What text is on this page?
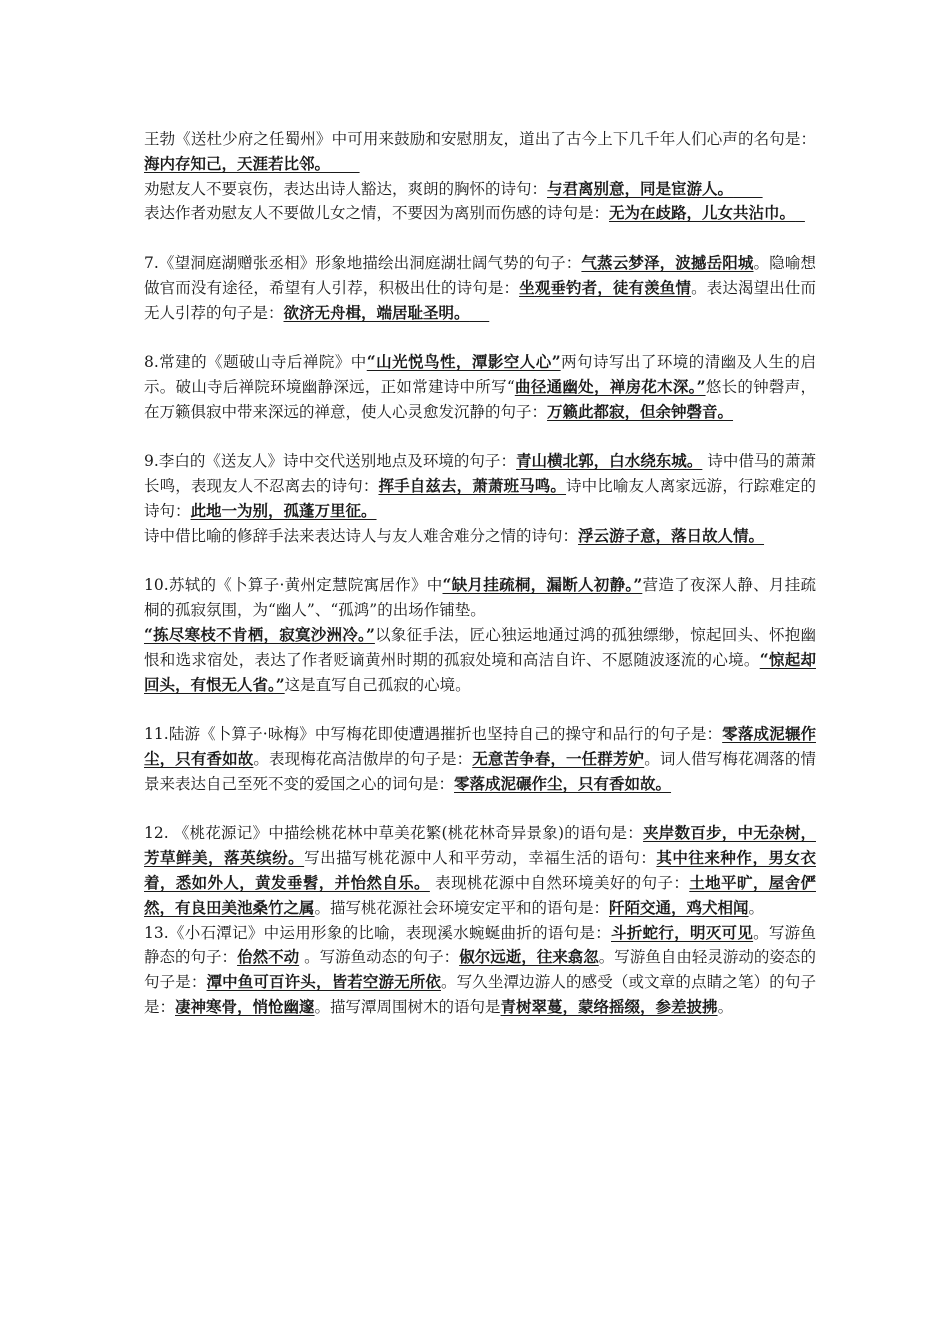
王勃《送杜少府之任蜀州》中可用来鼓励和安慰朋友，道出了古今上下几千年人们心声的名句是：海内存知己，天涯若比邻。

劝慰友人不要哀伤，表达出诗人豁达，爽朗的胸怀的诗句：与君离别意，同是宦游人。

表达作者劝慰友人不要做儿女之情，不要因为离别而伤感的诗句是：无为在歧路，儿女共沾巾。

7.《望洞庭湖赠张丞相》形象地描绘出洞庭湖壮阔气势的句子：气蒸云梦泽，波撼岳阳城。隐喻想做官而没有途径，希望有人引荐，积极出仕的诗句是：坐观垂钓者，徒有羡鱼情。表达渴望出仕而无人引荐的句子是：欲济无舟楫，端居耻圣明。

8.常建的《题破山寺后禅院》中“山光悦鸟性，潭影空人心”两句诗写出了环境的清幽及人生的启示。破山寺后禅院环境幽静深远，正如常建诗中所写“曲径通幽处，禅房花木深。”悠长的钟磬声，在万籁俱寂中带来深远的禅意，使人心灵愈发沉静的句子：万籁此都寂，但余钟磬音。

9.李白的《送友人》诗中交代送别地点及环境的句子：青山横北郭，白水绕东城。 诗中借马的萧萧长鸣，表现友人不忍离去的诗句：挥手自兹去，萧萧班马鸣。诗中比喻友人离家远游，行踪难定的诗句：此地一为别，孤蓬万里征。

诗中借比喻的修辞手法来表达诗人与友人难舍难分之情的诗句：浮云游子意，落日故人情。

10.苏轼的《卜算子·黄州定慧院寓居作》中“缺月挂疏桐，漏断人初静。”营造了夜深人静、月挂疏桐的孤寂氛围，为“幽人”、“孤鸿”的出场作铺垫。

“拣尽寒枝不肯栖，寂寞沙洲冷。”以象征手法，匠心独运地通过鸿的孤独缥缈，惊起回头、怀抱幽恨和选求宿处，表达了作者贬谪黄州时期的孤寂处境和高洁自许、不愿随波逐流的心境。“惊起却回头，有恨无人省。”这是直写自己孤寂的心境。

11.陆游《卜算子·咏梅》中写梅花即使遭遇摧折也坚持自己的操守和品行的句子是：零落成泥辗作尘，只有香如故。表现梅花高洁傲岸的句子是：无意苦争春，一任群芳妒。词人借写梅花凋落的情景来表达自己至死不变的爱国之心的词句是：零落成泥碾作尘，只有香如故。

12. 《桃花源记》中描绘桃花林中草美花繁(桃花林奇异景象)的语句是：夹岸数百步，中无杂树，芳草鲜美，落英缤纷。写出描写桃花源中人和平劳动，幸福生活的语句：其中往来种作，男女衣着，悉如外人，黄发垂髫，并怡然自乐。 表现桃花源中自然环境美好的句子：土地平旷，屋舍俨然，有良田美池桑竹之属。描写桃花源社会环境安定平和的语句是：阡陌交通，鸡犬相闻。

13.《小石潭记》中运用形象的比喻，表现溪水蜿蜒曲折的语句是：斗折蛇行，明灭可见。写游鱼静态的句子：佁然不动 。写游鱼动态的句子：俶尔远逝，往来翕忽。写游鱼自由轻灵游动的姿态的句子是：潭中鱼可百许头，皆若空游无所依。写久坐潭边游人的感受（或文章的点睛之笔）的句子是：凄神寒骨，悄怆幽邃。描写潭周围树木的语句是青树翠蔓，蒙络摇缀，参差披拂。
